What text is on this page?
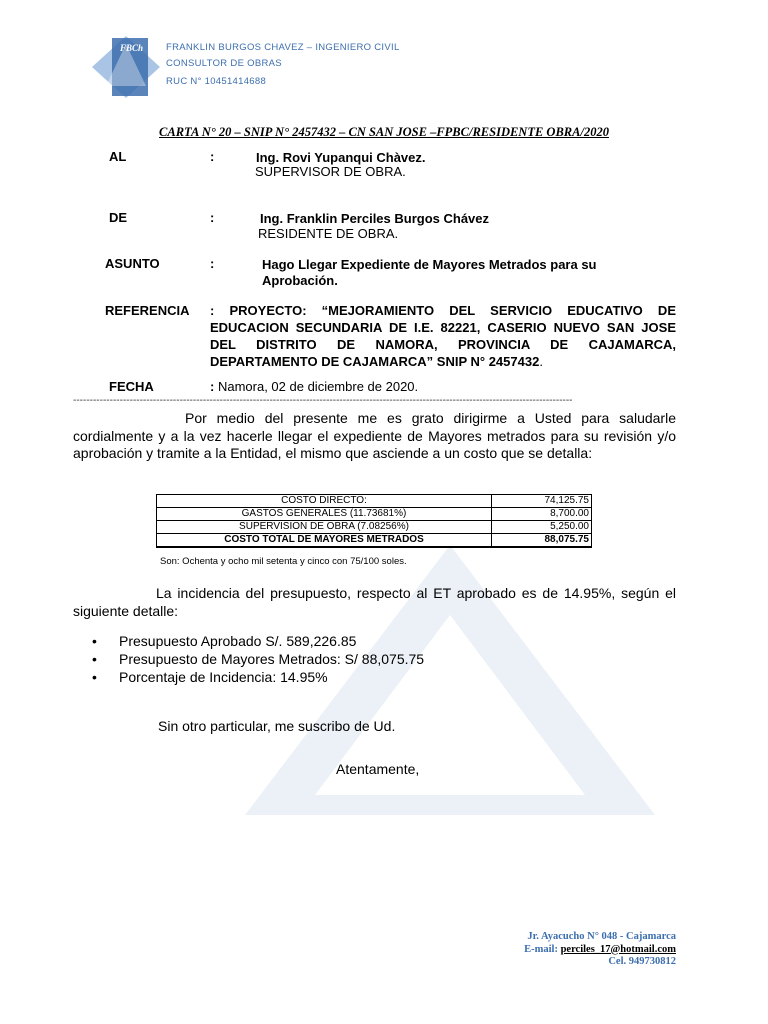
FBCh FRANKLIN BURGOS CHAVEZ – INGENIERO CIVIL
CONSULTOR DE OBRAS
RUC N° 10451414688
CARTA N° 20 – SNIP N° 2457432 – CN SAN JOSE –FPBC/RESIDENTE OBRA/2020
AL	:	Ing. Rovi Yupanqui Chàvez.
SUPERVISOR DE OBRA.
DE	:	Ing. Franklin Perciles Burgos Chávez
RESIDENTE DE OBRA.
ASUNTO	:	Hago Llegar Expediente de Mayores Metrados para su
Aprobación.
REFERENCIA : PROYECTO: “MEJORAMIENTO DEL SERVICIO EDUCATIVO DE EDUCACION SECUNDARIA DE I.E. 82221, CASERIO NUEVO SAN JOSE DEL DISTRITO DE NAMORA, PROVINCIA DE CAJAMARCA, DEPARTAMENTO DE CAJAMARCA” SNIP N° 2457432.
FECHA	: Namora, 02 de diciembre de 2020.
------------------------------------------------------------------------------------------------------------------------------------------------------
Por medio del presente me es grato dirigirme a Usted para saludarle cordialmente y a la vez hacerle llegar el expediente de Mayores metrados para su revisión y/o aprobación y tramite a la Entidad, el mismo que asciende a un costo que se detalla:
COSTO DIRECTO:	74,125.75
GASTOS GENERALES (11.73681%)	8,700.00
SUPERVISION DE OBRA (7.08256%)	5,250.00
COSTO TOTAL DE MAYORES METRADOS	88,075.75
Son: Ochenta y ocho mil setenta y cinco con 75/100 soles.
La incidencia del presupuesto, respecto al ET aprobado es de 14.95%, según el siguiente detalle:
• Presupuesto Aprobado S/. 589,226.85
• Presupuesto de Mayores Metrados: S/ 88,075.75
• Porcentaje de Incidencia: 14.95%
Sin otro particular, me suscribo de Ud.
Atentamente,
Jr. Ayacucho N° 048 - Cajamarca
E-mail: perciles_17@hotmail.com
Cel. 949730812
